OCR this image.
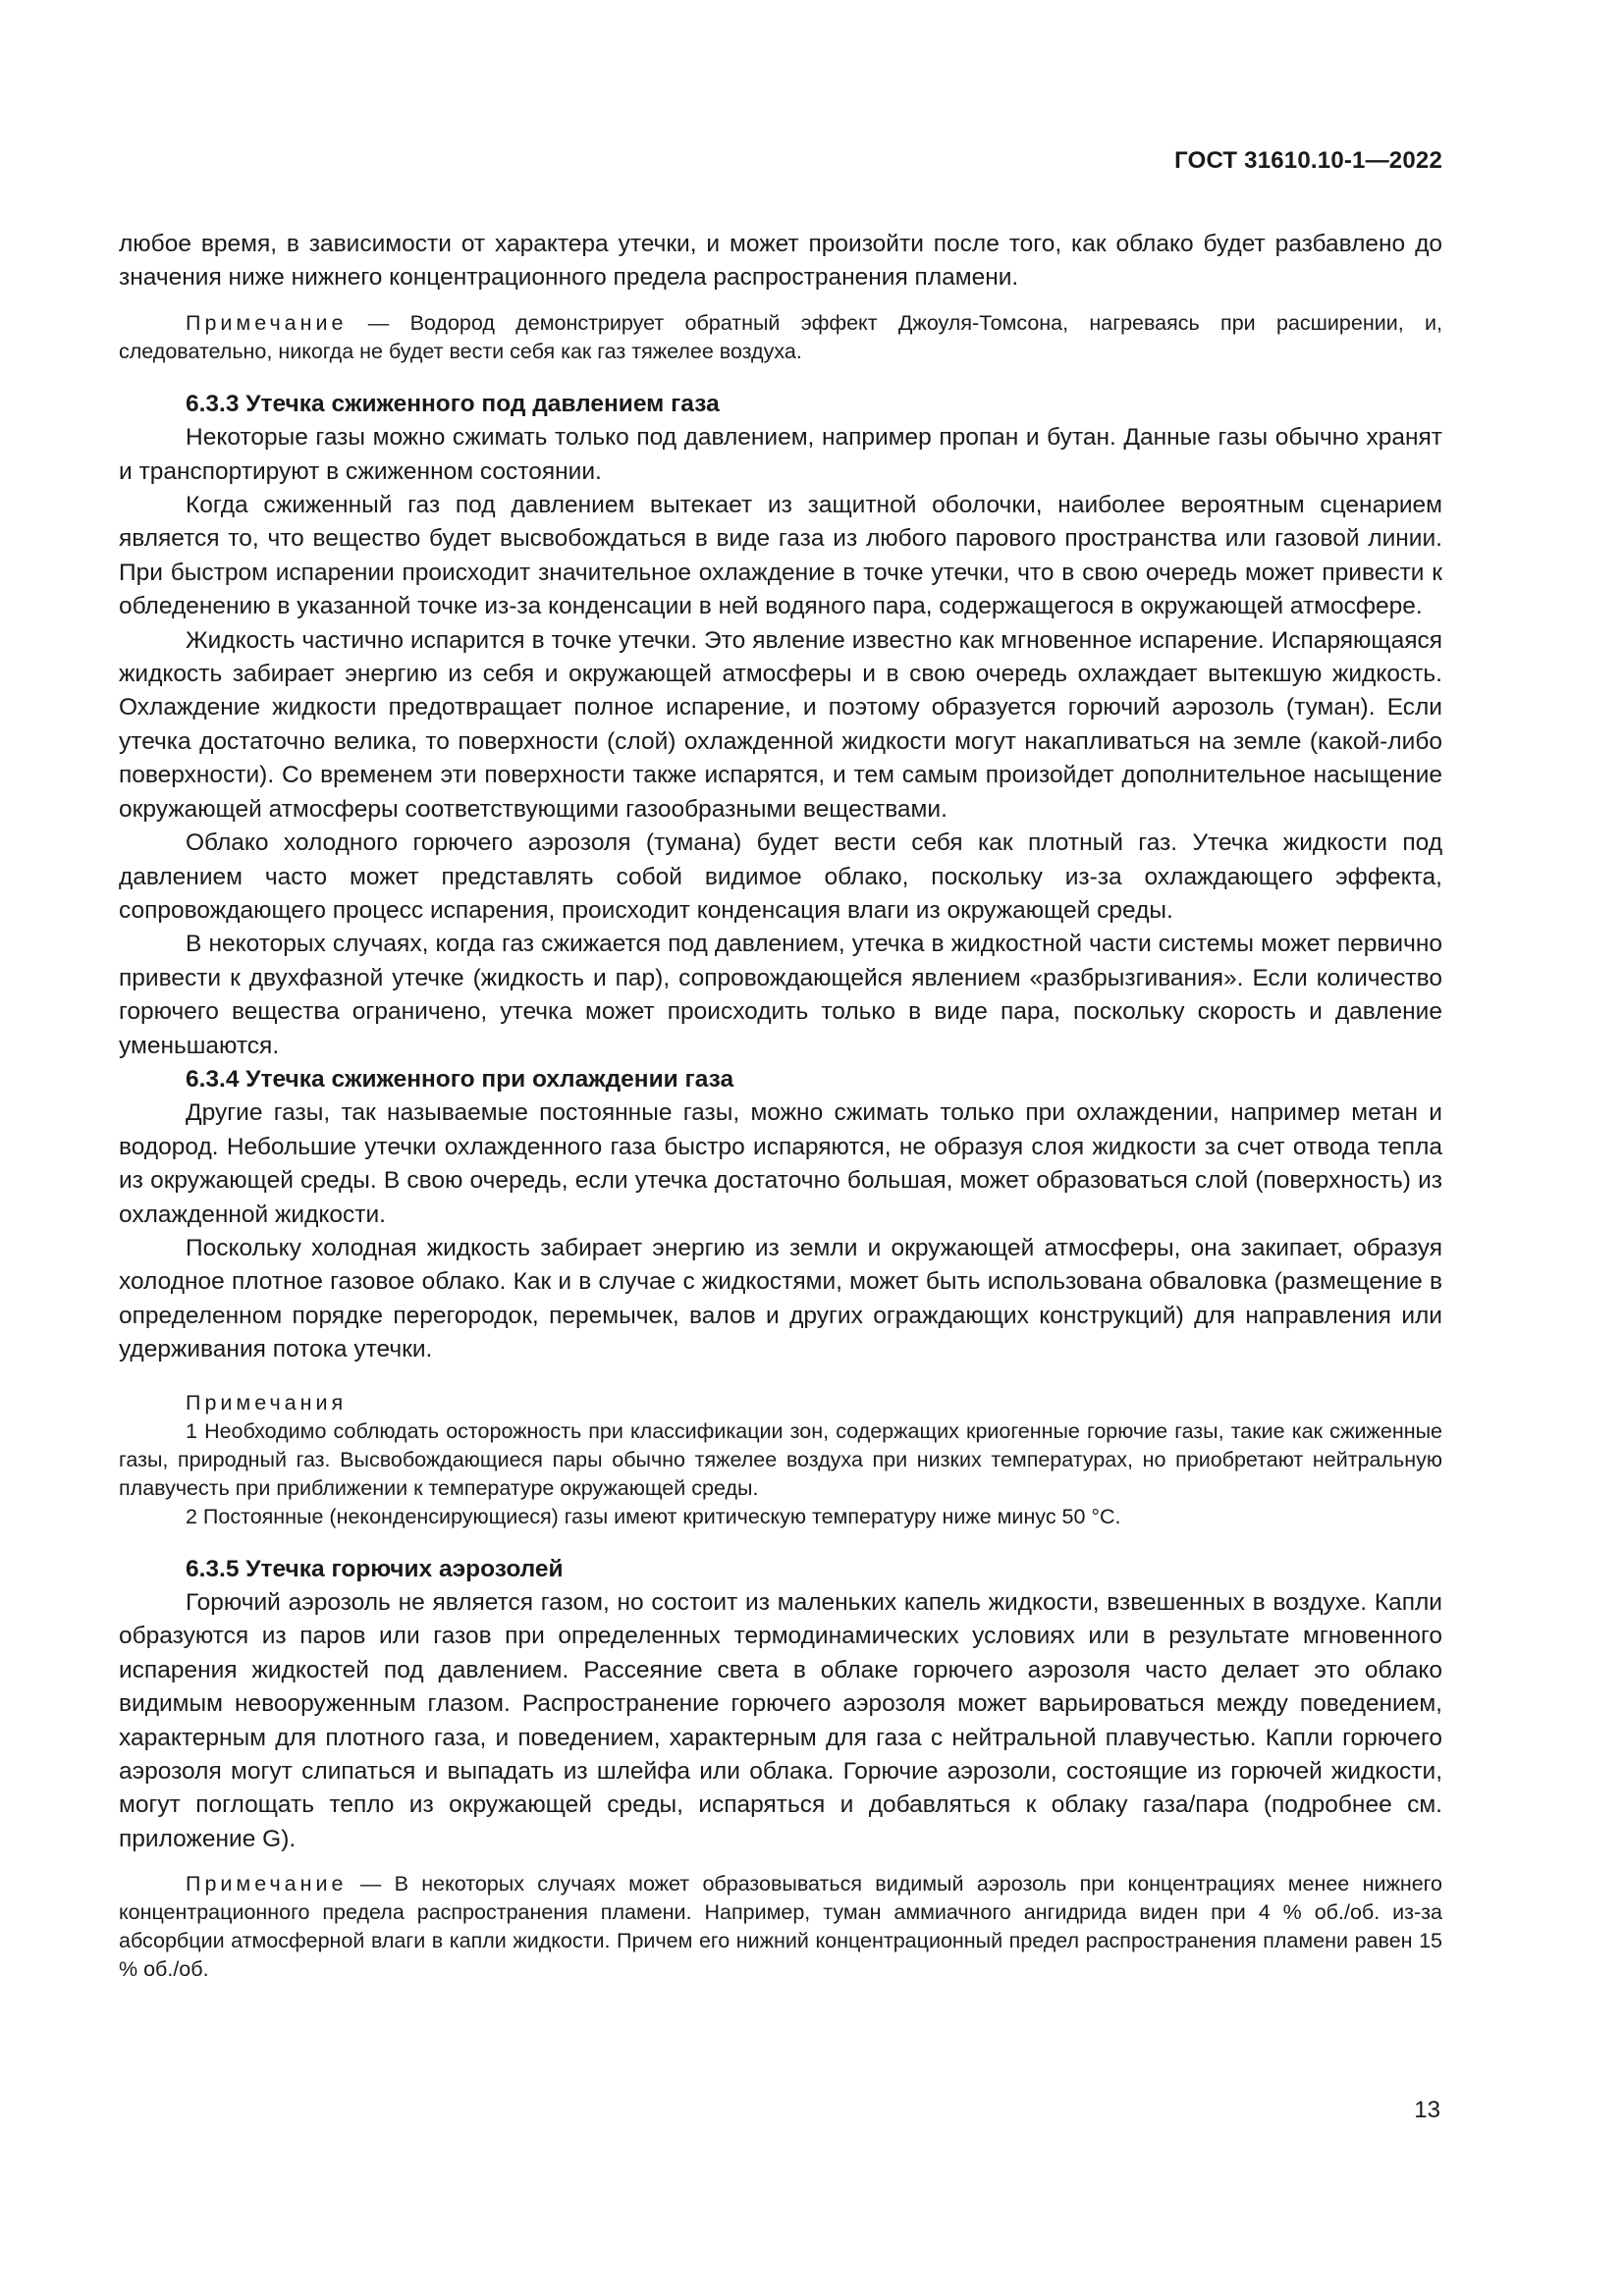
ГОСТ 31610.10-1—2022

любое время, в зависимости от характера утечки, и может произойти после того, как облако будет разбавлено до значения ниже нижнего концентрационного предела распространения пламени.

Примечание — Водород демонстрирует обратный эффект Джоуля-Томсона, нагреваясь при расширении, и, следовательно, никогда не будет вести себя как газ тяжелее воздуха.

6.3.3 Утечка сжиженного под давлением газа

Некоторые газы можно сжимать только под давлением, например пропан и бутан. Данные газы обычно хранят и транспортируют в сжиженном состоянии.

Когда сжиженный газ под давлением вытекает из защитной оболочки, наиболее вероятным сценарием является то, что вещество будет высвобождаться в виде газа из любого парового пространства или газовой линии. При быстром испарении происходит значительное охлаждение в точке утечки, что в свою очередь может привести к обледенению в указанной точке из-за конденсации в ней водяного пара, содержащегося в окружающей атмосфере.

Жидкость частично испарится в точке утечки. Это явление известно как мгновенное испарение. Испаряющаяся жидкость забирает энергию из себя и окружающей атмосферы и в свою очередь охлаждает вытекшую жидкость. Охлаждение жидкости предотвращает полное испарение, и поэтому образуется горючий аэрозоль (туман). Если утечка достаточно велика, то поверхности (слой) охлажденной жидкости могут накапливаться на земле (какой-либо поверхности). Со временем эти поверхности также испарятся, и тем самым произойдет дополнительное насыщение окружающей атмосферы соответствующими газообразными веществами.

Облако холодного горючего аэрозоля (тумана) будет вести себя как плотный газ. Утечка жидкости под давлением часто может представлять собой видимое облако, поскольку из-за охлаждающего эффекта, сопровождающего процесс испарения, происходит конденсация влаги из окружающей среды.

В некоторых случаях, когда газ сжижается под давлением, утечка в жидкостной части системы может первично привести к двухфазной утечке (жидкость и пар), сопровождающейся явлением «разбрызгивания». Если количество горючего вещества ограничено, утечка может происходить только в виде пара, поскольку скорость и давление уменьшаются.

6.3.4 Утечка сжиженного при охлаждении газа

Другие газы, так называемые постоянные газы, можно сжимать только при охлаждении, например метан и водород. Небольшие утечки охлажденного газа быстро испаряются, не образуя слоя жидкости за счет отвода тепла из окружающей среды. В свою очередь, если утечка достаточно большая, может образоваться слой (поверхность) из охлажденной жидкости.

Поскольку холодная жидкость забирает энергию из земли и окружающей атмосферы, она закипает, образуя холодное плотное газовое облако. Как и в случае с жидкостями, может быть использована обваловка (размещение в определенном порядке перегородок, перемычек, валов и других ограждающих конструкций) для направления или удерживания потока утечки.

Примечания

1 Необходимо соблюдать осторожность при классификации зон, содержащих криогенные горючие газы, такие как сжиженные газы, природный газ. Высвобождающиеся пары обычно тяжелее воздуха при низких температурах, но приобретают нейтральную плавучесть при приближении к температуре окружающей среды.

2 Постоянные (неконденсирующиеся) газы имеют критическую температуру ниже минус 50 °С.

6.3.5 Утечка горючих аэрозолей

Горючий аэрозоль не является газом, но состоит из маленьких капель жидкости, взвешенных в воздухе. Капли образуются из паров или газов при определенных термодинамических условиях или в результате мгновенного испарения жидкостей под давлением. Рассеяние света в облаке горючего аэрозоля часто делает это облако видимым невооруженным глазом. Распространение горючего аэрозоля может варьироваться между поведением, характерным для плотного газа, и поведением, характерным для газа с нейтральной плавучестью. Капли горючего аэрозоля могут слипаться и выпадать из шлейфа или облака. Горючие аэрозоли, состоящие из горючей жидкости, могут поглощать тепло из окружающей среды, испаряться и добавляться к облаку газа/пара (подробнее см. приложение G).

Примечание — В некоторых случаях может образовываться видимый аэрозоль при концентрациях менее нижнего концентрационного предела распространения пламени. Например, туман аммиачного ангидрида виден при 4 % об./об. из-за абсорбции атмосферной влаги в капли жидкости. Причем его нижний концентрационный предел распространения пламени равен 15 % об./об.

13
